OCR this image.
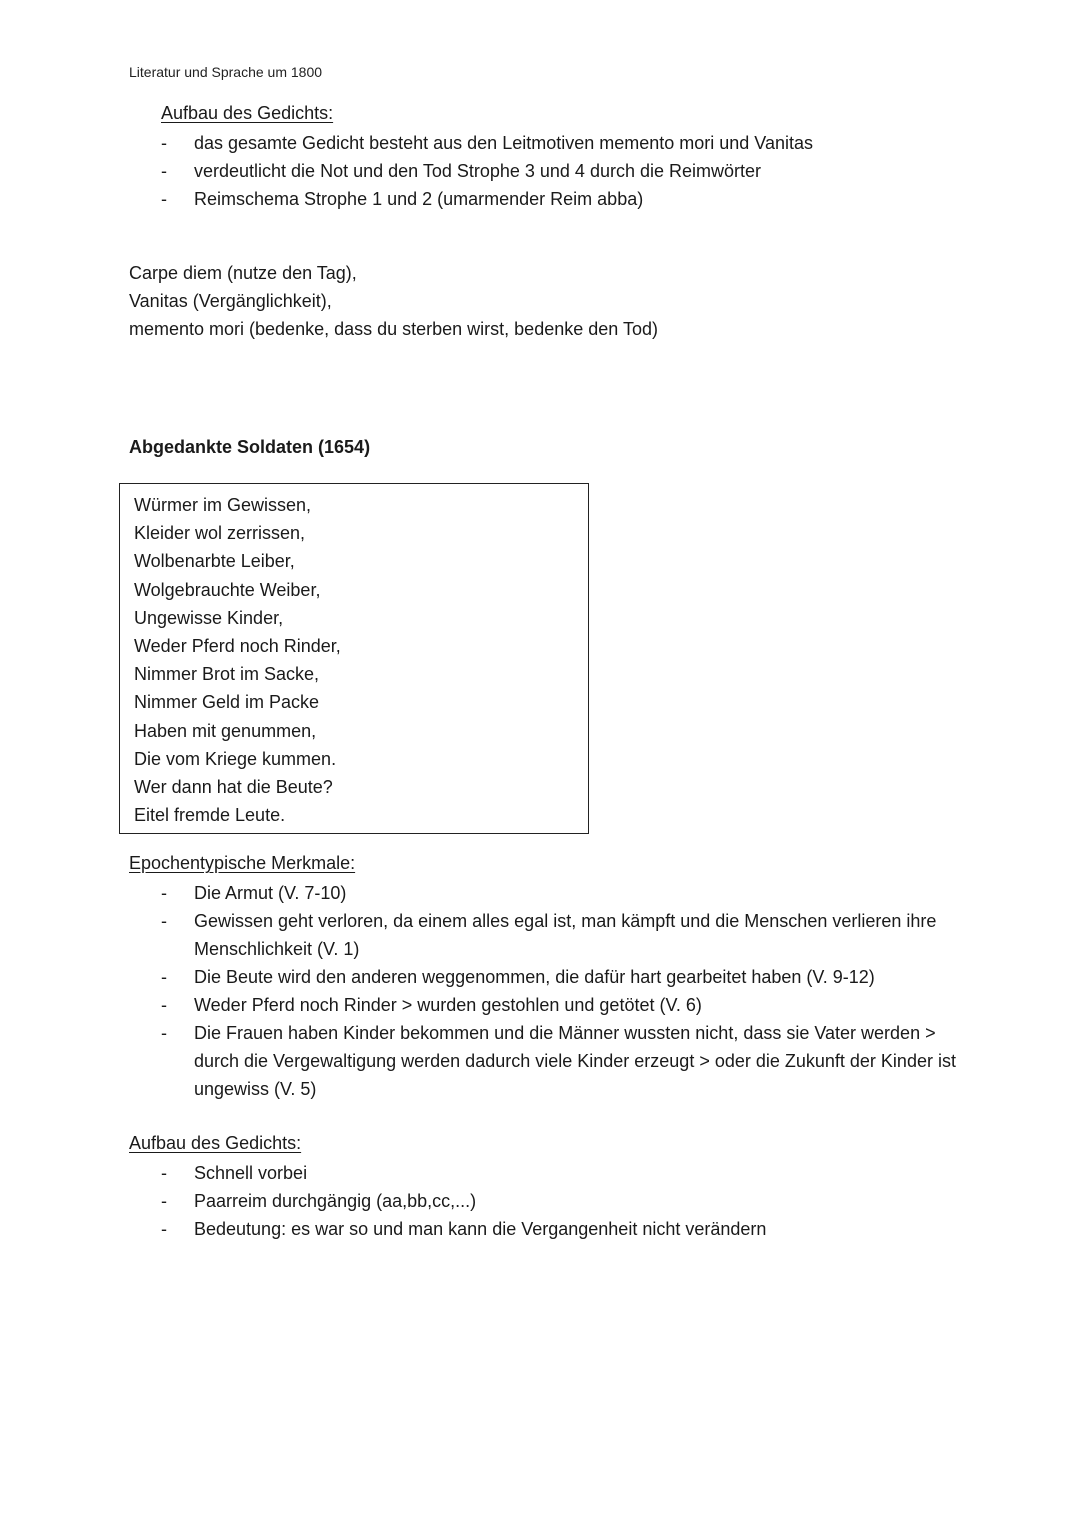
Literatur und Sprache um 1800
Aufbau des Gedichts:
- das gesamte Gedicht besteht aus den Leitmotiven memento mori und Vanitas
- verdeutlicht die Not und den Tod Strophe 3 und 4 durch die Reimwörter
- Reimschema Strophe 1 und 2 (umarmender Reim abba)
Carpe diem (nutze den Tag),
Vanitas (Vergänglichkeit),
memento mori (bedenke, dass du sterben wirst, bedenke den Tod)
Abgedankte Soldaten (1654)
Würmer im Gewissen,
Kleider wol zerrissen,
Wolbenarbte Leiber,
Wolgebrauchte Weiber,
Ungewisse Kinder,
Weder Pferd noch Rinder,
Nimmer Brot im Sacke,
Nimmer Geld im Packe
Haben mit genummen,
Die vom Kriege kummen.
Wer dann hat die Beute?
Eitel fremde Leute.
Epochentypische Merkmale:
- Die Armut (V. 7-10)
- Gewissen geht verloren, da einem alles egal ist, man kämpft und die Menschen verlieren ihre Menschlichkeit (V. 1)
- Die Beute wird den anderen weggenommen, die dafür hart gearbeitet haben (V. 9-12)
- Weder Pferd noch Rinder > wurden gestohlen und getötet (V. 6)
- Die Frauen haben Kinder bekommen und die Männer wussten nicht, dass sie Vater werden > durch die Vergewaltigung werden dadurch viele Kinder erzeugt > oder die Zukunft der Kinder ist ungewiss (V. 5)
Aufbau des Gedichts:
- Schnell vorbei
- Paarreim durchgängig (aa,bb,cc,...)
- Bedeutung: es war so und man kann die Vergangenheit nicht verändern
